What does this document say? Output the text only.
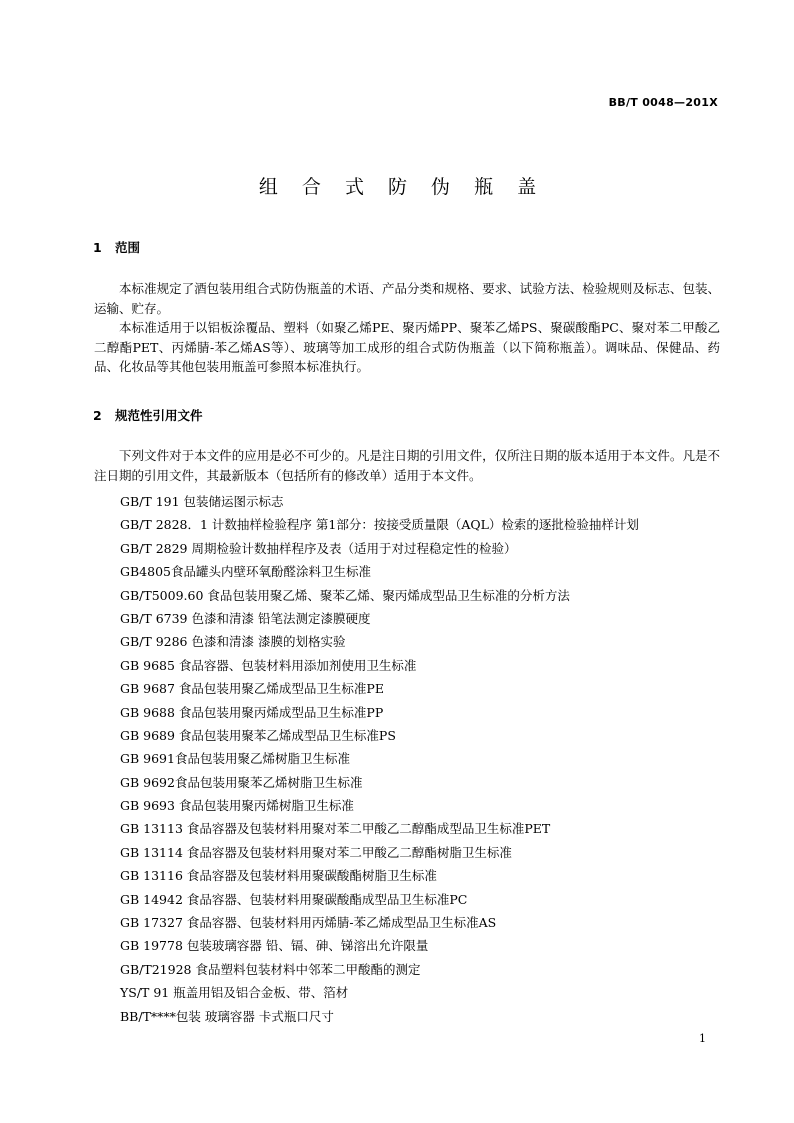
BB/T 0048—201X
组 合 式 防 伪 瓶 盖
1 范围

本标准规定了酒包装用组合式防伪瓶盖的术语、产品分类和规格、要求、试验方法、检验规则及标志、包装、运输、贮存。

本标准适用于以铝板涂覆品、塑料（如聚乙烯PE、聚丙烯PP、聚苯乙烯PS、聚碳酸酯PC、聚对苯二甲酸乙二醇酯PET、丙烯腈-苯乙烯AS等）、玻璃等加工成形的组合式防伪瓶盖（以下简称瓶盖）。调味品、保健品、药品、化妆品等其他包装用瓶盖可参照本标准执行。

2 规范性引用文件

下列文件对于本文件的应用是必不可少的。凡是注日期的引用文件，仅所注日期的版本适用于本文件。凡是不注日期的引用文件，其最新版本（包括所有的修改单）适用于本文件。

GB/T 191 包装储运图示标志
GB/T 2828．1 计数抽样检验程序 第1部分：按接受质量限（AQL）检索的逐批检验抽样计划
GB/T 2829 周期检验计数抽样程序及表（适用于对过程稳定性的检验）
GB4805食品罐头内壁环氧酚醛涂料卫生标准
GB/T5009.60 食品包装用聚乙烯、聚苯乙烯、聚丙烯成型品卫生标准的分析方法
GB/T 6739 色漆和清漆 铅笔法测定漆膜硬度
GB/T 9286 色漆和清漆 漆膜的划格实验
GB 9685 食品容器、包装材料用添加剂使用卫生标准
GB 9687 食品包装用聚乙烯成型品卫生标准PE
GB 9688 食品包装用聚丙烯成型品卫生标准PP
GB 9689 食品包装用聚苯乙烯成型品卫生标准PS
GB 9691食品包装用聚乙烯树脂卫生标准
GB 9692食品包装用聚苯乙烯树脂卫生标准
GB 9693 食品包装用聚丙烯树脂卫生标准
GB 13113 食品容器及包装材料用聚对苯二甲酸乙二醇酯成型品卫生标准PET
GB 13114 食品容器及包装材料用聚对苯二甲酸乙二醇酯树脂卫生标准
GB 13116 食品容器及包装材料用聚碳酸酯树脂卫生标准
GB 14942 食品容器、包装材料用聚碳酸酯成型品卫生标准PC
GB 17327 食品容器、包装材料用丙烯腈-苯乙烯成型品卫生标准AS
GB 19778 包装玻璃容器 铅、镉、砷、锑溶出允许限量
GB/T21928 食品塑料包装材料中邻苯二甲酸酯的测定
YS/T 91 瓶盖用铝及铝合金板、带、箔材
BB/T****包装 玻璃容器 卡式瓶口尺寸
1
